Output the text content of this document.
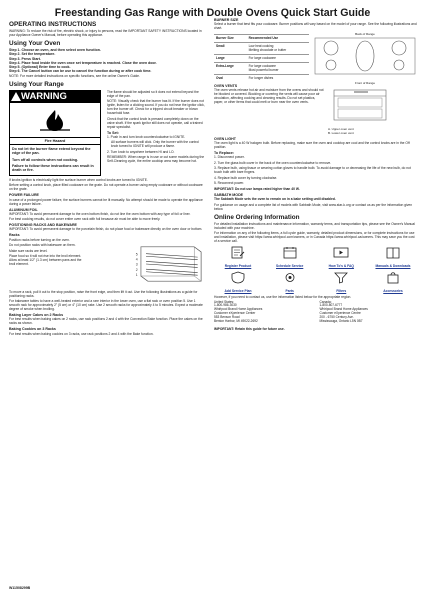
Freestanding Gas Range with Double Ovens Quick Start Guide
OPERATING INSTRUCTIONS

WARNING: To reduce the risk of fire, electric shock, or injury to persons, read the IMPORTANT SAFETY INSTRUCTIONS located in your Appliance Owner's Manual, before operating this appliance.

Using Your Oven
Step 1. Choose an oven, and then select oven function.
Step 2. Set the temperature.
Step 3. Press Start.
Step 4. Place food inside the oven once set temperature is reached. Close the oven door.
Step 5. (Optional) Enter time to cook.
Step 6. The Cancel button can be use to cancel the function during or after cook time.

NOTE: For more detailed instructions on specific functions, see the online Owner's Guide.

Using Your Range
WARNING
Fire Hazard
Do not let the burner flame extend beyond the edge of the pan.
Turn off all controls when not cooking.
Failure to follow these instructions can result in death or fire.

The flame should be adjusted so it does not extend beyond the edge of the pan.

NOTE: Visually check that the burner has lit. If the burner does not ignite, listen for a clicking sound. If you do not hear the ignitor click, turn the burner off. Check for a tripped circuit breaker or blown household fuse.

Check that the control knob is pressed completely down on the valve shaft. If the spark ignitor still does not operate, call a trained repair specialist.

To Set:

1. Push in and turn knob counterclockwise to IGNITE.

All surface burners will click. Only the burner with the control knob turned to IGNITE will produce a flame.

2. Turn knob to anywhere between HI and LO.

REMEMBER: When range is in use or cut some models during the Self-Cleaning cycle, the entire cooktop area may become hot.

If knobs ignition is electrically light the surface burner when control knobs are turned to IGNITE.

Before setting a control knob, place filled cookware on the grate. Do not operate a burner using empty cookware or without cookware on the grate.

POWER FAILURE

In case of a prolonged power failure, the surface burners cannot be lit manually. No attempt should be made to operate the appliance during a power failure.

ALUMINUM FOIL

IMPORTANT: To avoid permanent damage to the oven bottom finish, do not line the oven bottom with any type of foil or liner.

For best cooking results, do not cover entire oven rack with foil because air must be able to move freely.

POSITIONING RACKS AND BAKEWARE

IMPORTANT: To avoid permanent damage to the porcelain finish, do not place food or bakeware directly on the oven door or bottom.

Racks

Position racks before turning on the oven.

Do not position racks with bakeware on them.

Make sure racks are level.

Place food so it will not rise into the broil element. Allow at least 1/2" (1.3 cm) between pans and the broil element.

5
4
3
2
1

To move a rack, pull it out to the stop position, raise the front edge, and then lift it out. Use the following illustrations as a guide for positioning racks.

For bakeware tables to have a well-heated exterior and a rare interior in the lower oven, use a flat rack or oven position 5. Use 1 smooth rack for approximately 2" (5 cm) or 4" (10 cm) rake. Use 2 smooth racks for approximately 4 to 5 minutes. Expect a moderate degree of smoke when broiling.

Baking Layer Cakes on 2 Racks

For best results when baking cakes on 2 racks, use rack positions 2 and 4 with the Convection Bake function. Place the cakes on the racks as shown.

Baking Cookies on 3 Racks

For best results when baking cookies on 3 racks, use rack positions 2 and 4 with the Bake function.

BURNER SIZE

Select a burner that best fits your cookware. Burner positions will vary based on the model of your range. See the following illustrations and chart.

Burner Size	Recommended Use
Small	Low heat cooking
Melting chocolate or butter

Large	For large cookware

Extra-Large	For large cookware
Most powerful burner

Oval	For longer dishes
Back of Range
Front of Range
OVEN VENTS

The oven vents release hot air and moisture from the ovens and should not be blocked or covered. Blocking or covering the vents will cause poor air circulation, affecting cooking and cleaning results. Do not set plastics, paper, or other items that could melt or burn near the oven vents.

A. Upper oven vent
B. Lower oven vent
OVEN LIGHT

The oven light is a 40 W halogen bulb. Before replacing, make sure the oven and cooktop are cool and the control knobs are in the Off position.

To Replace:

1. Disconnect power.

2. Turn the glass bulb cover in the back of the oven counterclockwise to remove.

3. Replace bulb, using tissue or wearing cotton gloves to handle bulb. To avoid damage to or decreasing the life of the new bulb, do not touch bulb with bare fingers.

4. Replace bulb cover by turning clockwise.

5. Reconnect power.

IMPORTANT: Do not use lamps rated higher than 40 W.

SABBATH MODE

The Sabbath Mode sets the oven to remain on in a bake setting until disabled.

For guidance on usage and a complete list of models with Sabbath Mode, visit www.star-k.org or contact us as per the information given below.

Online Ordering Information

For detailed installation instructions and maintenance information, warranty terms, and transportation tips, please see the Owner's Manual included with your machine.

For information on any of the following items, a full cycle guide, warranty, detailed product dimensions, or for complete instructions for use and installation, please visit https://www.whirlpool.com/owners, or in Canada https://www.whirlpool.ca/owners. This may save you the cost of a service call.

Register Product	Schedule Service	How To's & FAQ	Manuals & Downloads
Add Service Plan	Parts	Filters	Accessories

However, if you need to contact us, use the information listed below for the appropriate region.

United States:
1-800-986-3030
Whirlpool Brand Home Appliances
Customer eXperience Center
553 Benson Road
Benton Harbor, MI 49022-2692
Canada:
1-800-807-6777
Whirlpool Brand Home Appliances
Customer eXperience Centre
200 - 6750 Century Ave.
Mississauga, Ontario L5N 0B7

IMPORTANT: Retain this guide for future use.

W11508299B
